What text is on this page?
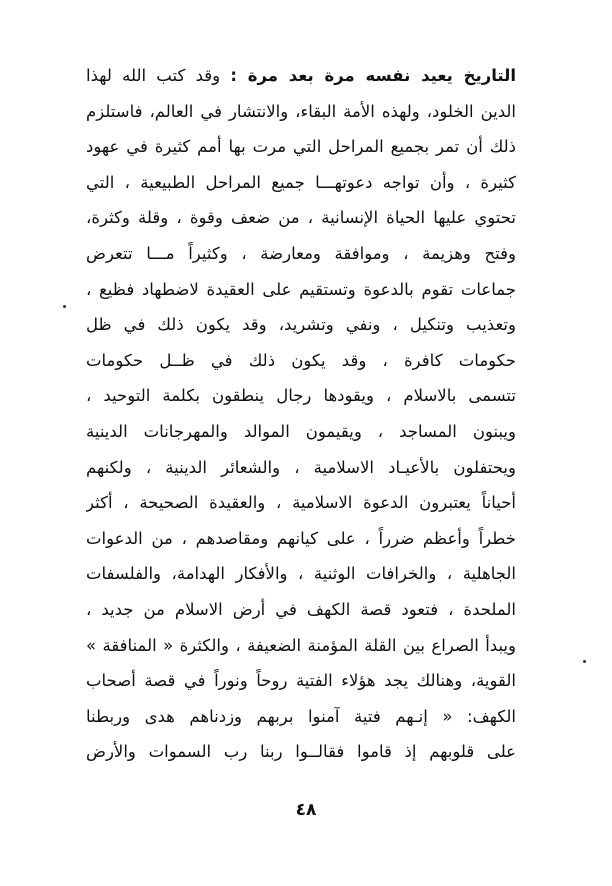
التاريخ يعيد نفسه مرة بعد مرة : وقد كتب الله لهذا
الدين الخلود، ولهذه الأمة البقاء، والانتشار في العالم، فاستلزم
ذلك أن تمر بجميع المراحل التي مرت بها أمم كثيرة في عهود
كثيرة ، وأن تواجه دعوتهـــا جميع المراحل الطبيعية ، التي
تحتوي عليها الحياة الإنسانية ، من ضعف وقوة ، وقلة وكثرة،
وفتح وهزيمة ، وموافقة ومعارضة ، وكثيراً مـــا تتعرض
جماعات تقوم بالدعوة وتستقيم على العقيدة لاضطهاد فظيع ،
وتعذيب وتنكيل ، ونفي وتشريد، وقد يكون ذلك في ظل
حكومات كافرة ، وقد يكون ذلك في ظــل حكومات
تتسمى بالاسلام ، ويقودها رجال ينطقون بكلمة التوحيد ،
ويبنون المساجد ، ويقيمون الموالد والمهرجانات الدينية
ويحتفلون بالأعيـاد الاسلامية ، والشعائر الدينية ، ولكنهم
أحياناً يعتبرون الدعوة الاسلامية ، والعقيدة الصحيحة ، أكثر
خطراً وأعظم ضرراً ، على كيانهم ومقاصدهم ، من الدعوات
الجاهلية ، والخرافات الوثنية ، والأفكار الهدامة، والفلسفات
الملحدة ، فتعود قصة الكهف في أرض الاسلام من جديد ،
ويبدأ الصراع بين القلة المؤمنة الضعيفة ، والكثرة « المنافقة »
القوية، وهنالك يجد هؤلاء الفتية روحاً ونوراً في قصة أصحاب
الكهف: « إنـهم فتية آمنوا بربهم وزدناهم هدى وربطنا
على قلوبهم إذ قاموا فقالــوا ربنا رب السموات والأرض
٤٨
